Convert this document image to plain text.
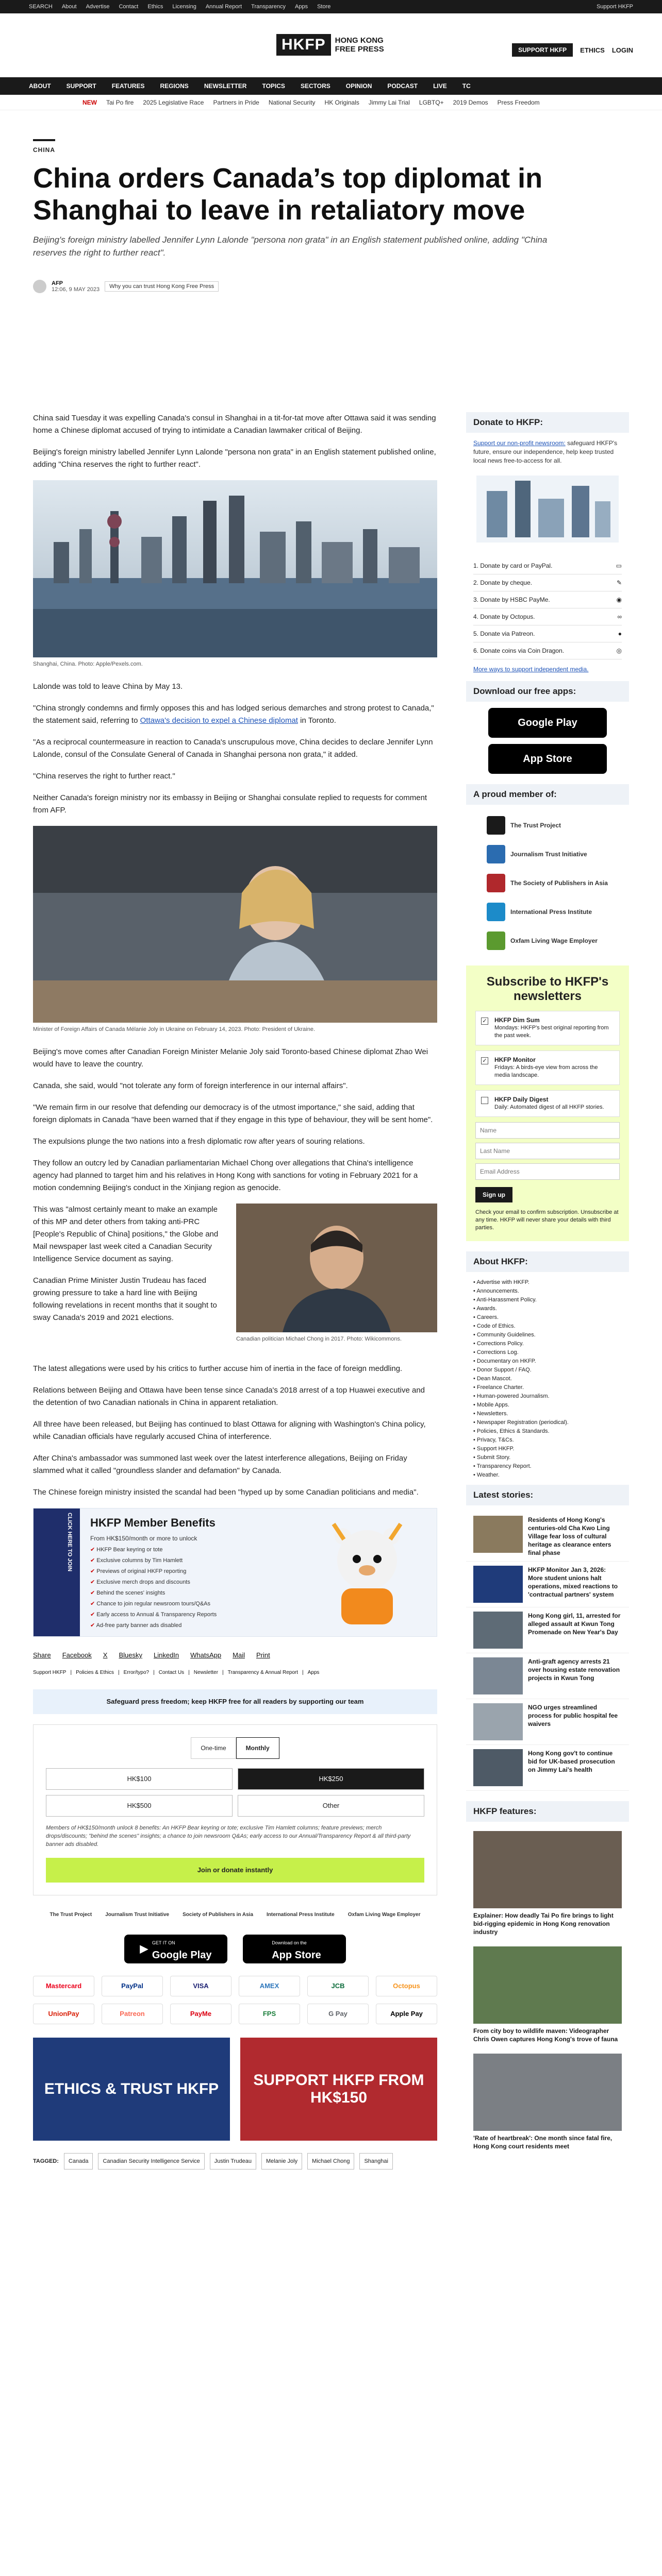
SEARCH About Advertise Contact Ethics Licensing Annual Report Transparency Apps Store	Support HKFP
HKFP	HONG KONG
FREE PRESS	SUPPORT HKFP	ETHICS LOGIN
ABOUT	SUPPORT	FEATURES	REGIONS	NEWSLETTER	TOPICS	SECTORS	OPINION	PODCAST	LIVE	TC
NEW Tai Po fire 2025 Legislative Race Partners in Pride National Security HK Originals Jimmy Lai Trial LGBTQ+ 2019 Demos Press Freedom
CHINA
China orders Canada’s top diplomat in Shanghai to leave in retaliatory move

Beijing's foreign ministry labelled Jennifer Lynn Lalonde "persona non grata" in an English statement published online, adding "China reserves the right to further react".

AFP
12:06, 9 MAY 2023	Why you can trust Hong Kong Free Press

China said Tuesday it was expelling Canada's consul in Shanghai in a tit-for-tat move after Ottawa said it was sending home a Chinese diplomat accused of trying to intimidate a Canadian lawmaker critical of Beijing.

Beijing's foreign ministry labelled Jennifer Lynn Lalonde "persona non grata" in an English statement published online, adding "China reserves the right to further react".

Shanghai, China. Photo: Apple/Pexels.com.

Lalonde was told to leave China by May 13.

"China strongly condemns and firmly opposes this and has lodged serious demarches and strong protest to Canada," the statement said, referring to Ottawa's decision to expel a Chinese diplomat in Toronto.

"As a reciprocal countermeasure in reaction to Canada's unscrupulous move, China decides to declare Jennifer Lynn Lalonde, consul of the Consulate General of Canada in Shanghai persona non grata," it added.

"China reserves the right to further react."

Neither Canada's foreign ministry nor its embassy in Beijing or Shanghai consulate replied to requests for comment from AFP.

Minister of Foreign Affairs of Canada Mélanie Joly in Ukraine on February 14, 2023. Photo: President of Ukraine.

Beijing's move comes after Canadian Foreign Minister Melanie Joly said Toronto-based Chinese diplomat Zhao Wei would have to leave the country.

Canada, she said, would "not tolerate any form of foreign interference in our internal affairs".

"We remain firm in our resolve that defending our democracy is of the utmost importance," she said, adding that foreign diplomats in Canada "have been warned that if they engage in this type of behaviour, they will be sent home".

The expulsions plunge the two nations into a fresh diplomatic row after years of souring relations.

They follow an outcry led by Canadian parliamentarian Michael Chong over allegations that China's intelligence agency had planned to target him and his relatives in Hong Kong with sanctions for voting in February 2021 for a motion condemning Beijing's conduct in the Xinjiang region as genocide.

Canadian politician Michael Chong in 2017. Photo: Wikicommons.

This was "almost certainly meant to make an example of this MP and deter others from taking anti-PRC [People's Republic of China] positions," the Globe and Mail newspaper last week cited a Canadian Security Intelligence Service document as saying.

Canadian Prime Minister Justin Trudeau has faced growing pressure to take a hard line with Beijing following revelations in recent months that it sought to sway Canada's 2019 and 2021 elections.

The latest allegations were used by his critics to further accuse him of inertia in the face of foreign meddling.

Relations between Beijing and Ottawa have been tense since Canada's 2018 arrest of a top Huawei executive and the detention of two Canadian nationals in China in apparent retaliation.

All three have been released, but Beijing has continued to blast Ottawa for aligning with Washington's China policy, while Canadian officials have regularly accused China of interference.

After China's ambassador was summoned last week over the latest interference allegations, Beijing on Friday slammed what it called "groundless slander and defamation" by Canada.

The Chinese foreign ministry insisted the scandal had been "hyped up by some Canadian politicians and media".

CLICK HERE TO JOIN	HKFP Member Benefits
From HK$150/month or more to unlock
✔ HKFP Bear keyring or tote
✔ Exclusive columns by Tim Hamlett
✔ Previews of original HKFP reporting
✔ Exclusive merch drops and discounts
✔ Behind the scenes' insights
✔ Chance to join regular newsroom tours/Q&As
✔ Early access to Annual & Transparency Reports
✔ Ad-free party banner ads disabled
Share Facebook X Bluesky LinkedIn WhatsApp Mail Print
Support HKFP | Policies & Ethics | Error/typo? | Contact Us | Newsletter | Transparency & Annual Report | Apps
Safeguard press freedom; keep HKFP free for all readers by supporting our team
One-time	Monthly
HK$100	HK$250
HK$500	Other

Members of HK$150/month unlock 8 benefits: An HKFP Bear keyring or tote; exclusive Tim Hamlett columns; feature previews; merch drops/discounts; "behind the scenes" insights; a chance to join newsroom Q&As; early access to our Annual/Transparency Report & all third-party banner ads disabled.

Join or donate instantly
The Trust Project	Journalism Trust Initiative	Society of Publishers in Asia	International Press Institute	Oxfam Living Wage Employer
▶
GET IT ON
Google Play
Download on the
App Store
Mastercard	PayPal	VISA	AMEX	JCB	Octopus
UnionPay	Patreon	PayMe	FPS	G Pay	Apple Pay
ETHICS & TRUST HKFP
SUPPORT HKFP FROM HK$150
TAGGED:	Canada	Canadian Security Intelligence Service	Justin Trudeau	Melanie Joly	Michael Chong	Shanghai
Donate to HKFP:

Support our non-profit newsroom: safeguard HKFP's future, ensure our independence, help keep trusted local news free-to-access for all.

1. Donate by card or PayPal.	▭
2. Donate by cheque.	✎
3. Donate by HSBC PayMe.	◉
4. Donate by Octopus.	∞
5. Donate via Patreon.	●
6. Donate coins via Coin Dragon.	◎
More ways to support independent media.
Download our free apps:
Google Play
App Store
A proud member of:
The Trust Project
Journalism Trust Initiative
The Society of Publishers in Asia
International Press Institute
Oxfam Living Wage Employer
Subscribe to HKFP's newsletters
✓ HKFP Dim Sum
Mondays: HKFP's best original reporting from the past week.
✓ HKFP Monitor
Fridays: A birds-eye view from across the media landscape.
HKFP Daily Digest
Daily: Automated digest of all HKFP stories.
Name
Last Name
Email Address
Sign up

Check your email to confirm subscription. Unsubscribe at any time. HKFP will never share your details with third parties.

About HKFP:
• Advertise with HKFP.
• Announcements.
• Anti-Harassment Policy.
• Awards.
• Careers.
• Code of Ethics.
• Community Guidelines.
• Corrections Policy.
• Corrections Log.
• Documentary on HKFP.
• Donor Support / FAQ.
• Dean Mascot.
• Freelance Charter.
• Human-powered Journalism.
• Mobile Apps.
• Newsletters.
• Newspaper Registration (periodical).
• Policies, Ethics & Standards.
• Privacy, T&Cs.
• Support HKFP.
• Submit Story.
• Transparency Report.
• Weather.
Latest stories:
Residents of Hong Kong's centuries-old Cha Kwo Ling Village fear loss of cultural heritage as clearance enters final phase
HKFP Monitor Jan 3, 2026: More student unions halt operations, mixed reactions to 'contractual partners' system
Hong Kong girl, 11, arrested for alleged assault at Kwun Tong Promenade on New Year's Day
Anti-graft agency arrests 21 over housing estate renovation projects in Kwun Tong
NGO urges streamlined process for public hospital fee waivers
Hong Kong gov't to continue bid for UK-based prosecution on Jimmy Lai's health
HKFP features:
Explainer: How deadly Tai Po fire brings to light bid-rigging epidemic in Hong Kong renovation industry
From city boy to wildlife maven: Videographer Chris Owen captures Hong Kong's trove of fauna
'Rate of heartbreak': One month since fatal fire, Hong Kong court residents meet
